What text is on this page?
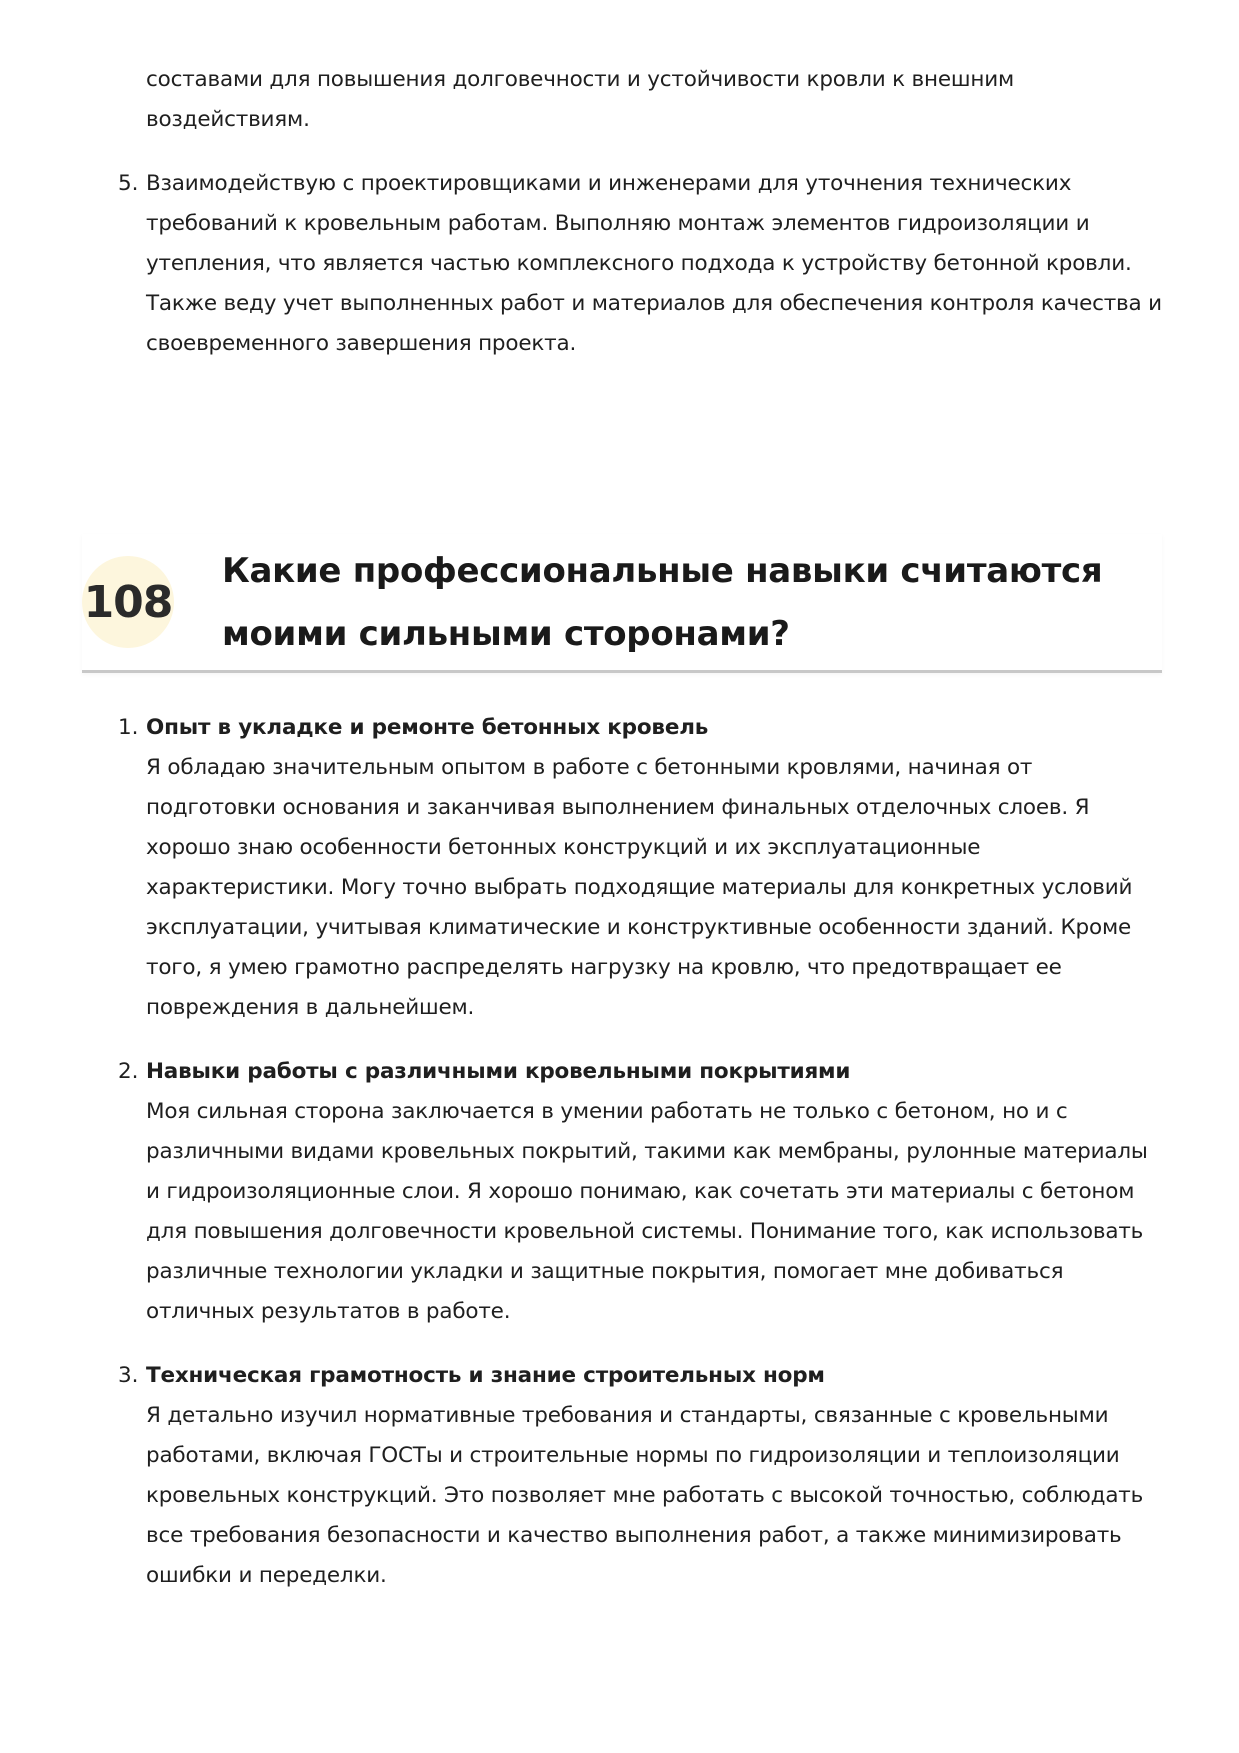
составами для повышения долговечности и устойчивости кровли к внешним воздействиям.
5. Взаимодействую с проектировщиками и инженерами для уточнения технических требований к кровельным работам. Выполняю монтаж элементов гидроизоляции и утепления, что является частью комплексного подхода к устройству бетонной кровли. Также веду учет выполненных работ и материалов для обеспечения контроля качества и своевременного завершения проекта.
108
Какие профессиональные навыки считаются моими сильными сторонами?
1. Опыт в укладке и ремонте бетонных кровель
Я обладаю значительным опытом в работе с бетонными кровлями, начиная от подготовки основания и заканчивая выполнением финальных отделочных слоев. Я хорошо знаю особенности бетонных конструкций и их эксплуатационные характеристики. Могу точно выбрать подходящие материалы для конкретных условий эксплуатации, учитывая климатические и конструктивные особенности зданий. Кроме того, я умею грамотно распределять нагрузку на кровлю, что предотвращает ее повреждения в дальнейшем.
2. Навыки работы с различными кровельными покрытиями
Моя сильная сторона заключается в умении работать не только с бетоном, но и с различными видами кровельных покрытий, такими как мембраны, рулонные материалы и гидроизоляционные слои. Я хорошо понимаю, как сочетать эти материалы с бетоном для повышения долговечности кровельной системы. Понимание того, как использовать различные технологии укладки и защитные покрытия, помогает мне добиваться отличных результатов в работе.
3. Техническая грамотность и знание строительных норм
Я детально изучил нормативные требования и стандарты, связанные с кровельными работами, включая ГОСТы и строительные нормы по гидроизоляции и теплоизоляции кровельных конструкций. Это позволяет мне работать с высокой точностью, соблюдать все требования безопасности и качество выполнения работ, а также минимизировать ошибки и переделки.
